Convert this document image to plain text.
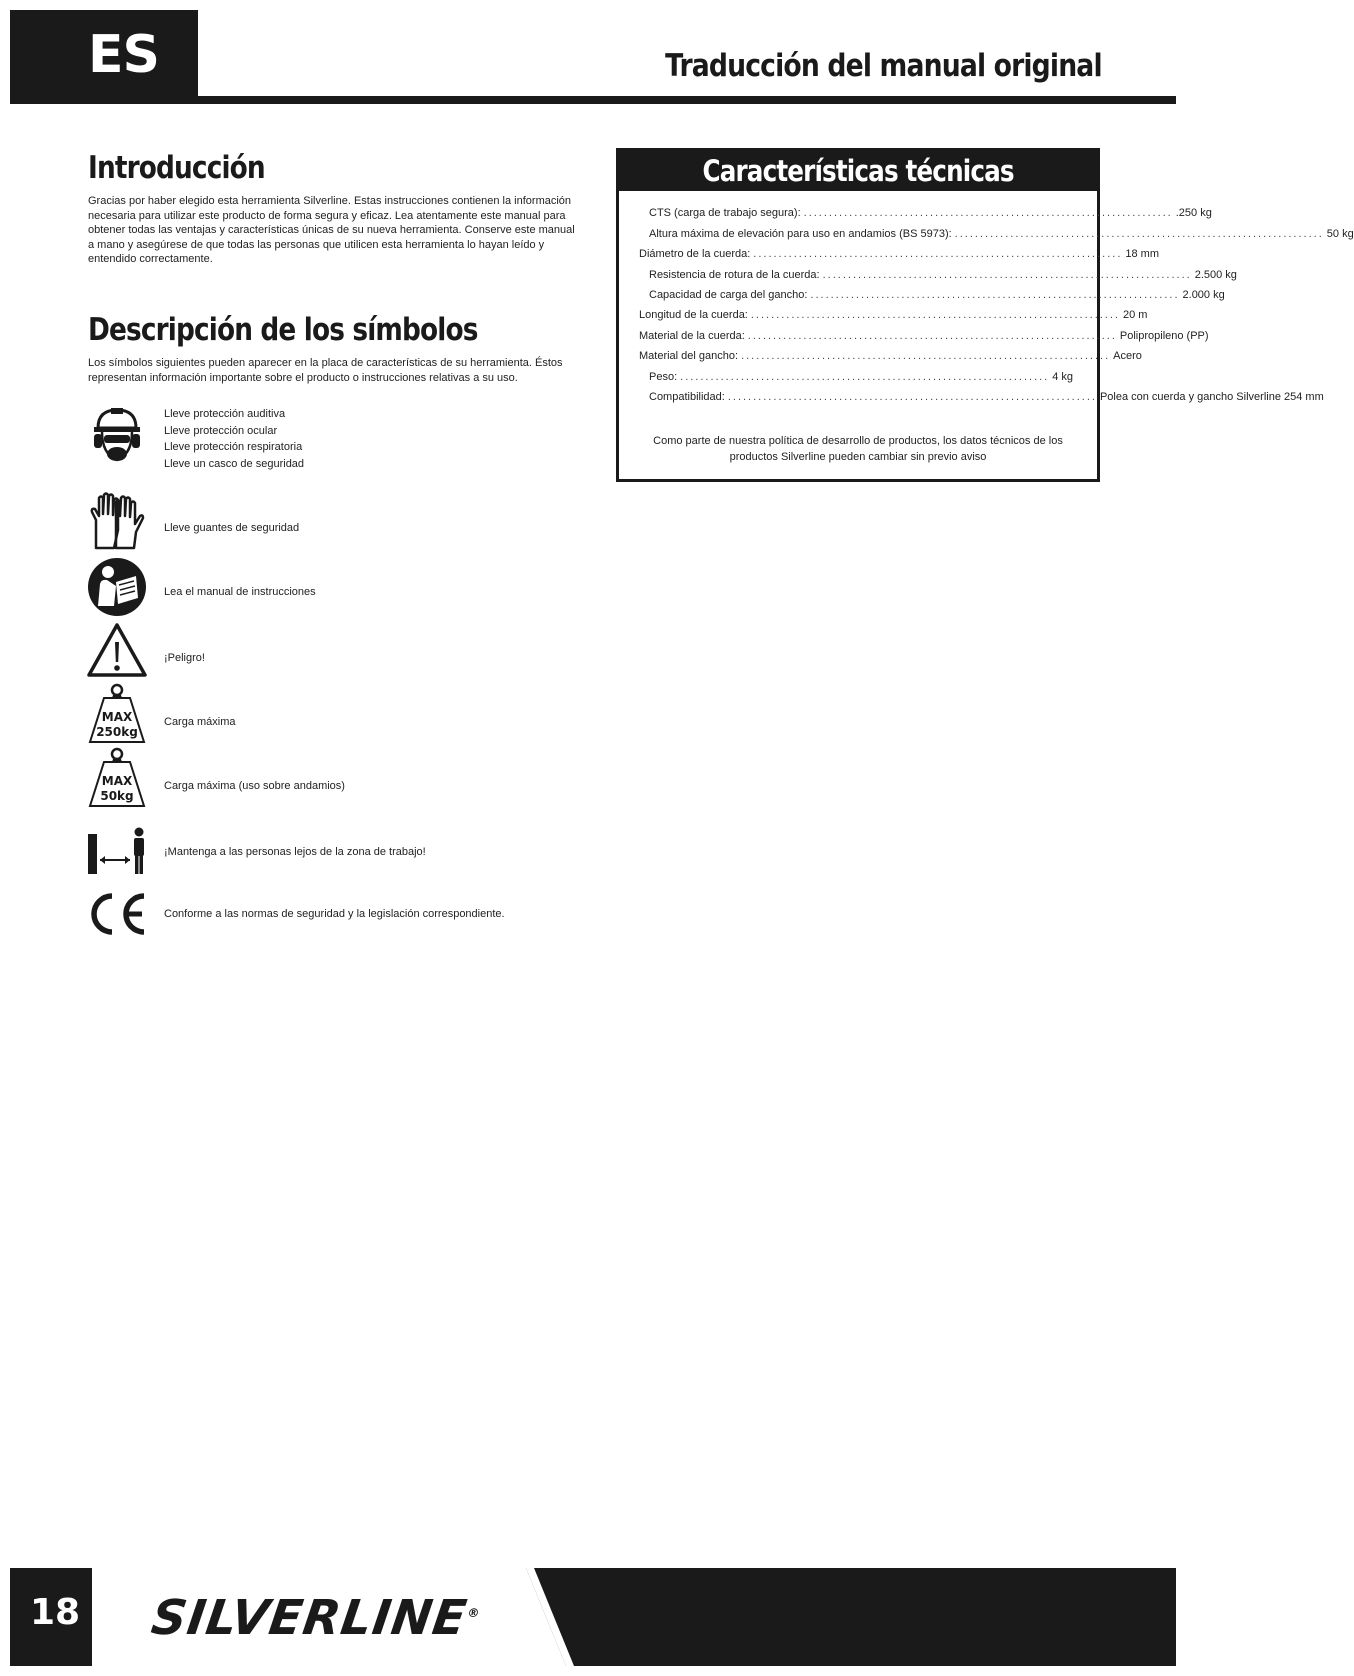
ES	Traducción del manual original
Introducción
Gracias por haber elegido esta herramienta Silverline. Estas instrucciones contienen la información necesaria para utilizar este producto de forma segura y eficaz. Lea atentamente este manual para obtener todas las ventajas y características únicas de su nueva herramienta. Conserve este manual a mano y asegúrese de que todas las personas que utilicen esta herramienta lo hayan leído y entendido correctamente.
Descripción de los símbolos
Los símbolos siguientes pueden aparecer en la placa de características de su herramienta. Éstos representan información importante sobre el producto o instrucciones relativas a su uso.
Lleve protección auditiva
Lleve protección ocular
Lleve protección respiratoria
Lleve un casco de seguridad
Lleve guantes de seguridad
Lea el manual de instrucciones
¡Peligro!
MAX
250kg
Carga máxima
MAX
50kg
Carga máxima (uso sobre andamios)
¡Mantenga a las personas lejos de la zona de trabajo!
Conforme a las normas de seguridad y la legislación correspondiente.
Características técnicas
CTS (carga de trabajo segura): ......................................................................... .250 kg
Altura máxima de elevación para uso en andamios (BS 5973): ......................................................................... 50 kg
Diámetro de la cuerda: ......................................................................... 18 mm
Resistencia de rotura de la cuerda: ......................................................................... 2.500 kg
Capacidad de carga del gancho: ......................................................................... 2.000 kg
Longitud de la cuerda: ......................................................................... 20 m
Material de la cuerda: ......................................................................... Polipropileno (PP)
Material del gancho: ......................................................................... Acero
Peso: ......................................................................... 4 kg
Compatibilidad: ......................................................................... Polea con cuerda y gancho Silverline 254 mm
Como parte de nuestra política de desarrollo de productos, los datos técnicos de los productos Silverline pueden cambiar sin previo aviso
18 SILVERLINE®
